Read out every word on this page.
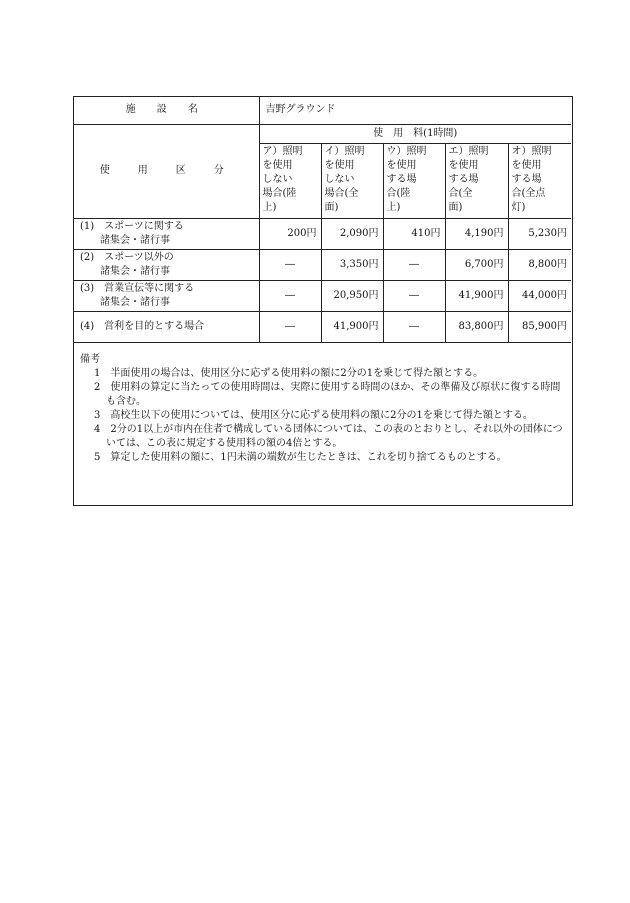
施 設 名	吉野グラウンド				
使　用　区　分	使　用　料(1時間)				
	ア）照明
を使用
しない
場合(陸
上)	イ）照明
を使用
しない
場合(全
面)	ウ）照明
を使用
する場
合(陸
上)	エ）照明
を使用
する場
合(全
面)	オ）照明
を使用
する場
合(全点
灯)

(1)　 スポーツに関する
諸集会・諸行事	200円	2,090円	410円	4,190円	5,230円

(2)　 スポーツ以外の
諸集会・諸行事	―	3,350円	―	6,700円	8,800円

(3)　 営業宣伝等に関する
諸集会・諸行事	―	20,950円	―	41,900円	44,000円

(4)　 営利を目的とする場合	―	41,900円	―	83,800円	85,900円
備考
1　半面使用の場合は、使用区分に応ずる使用料の額に2分の1を乗じて得た額とする。
2　使用料の算定に当たっての使用時間は、実際に使用する時間のほか、その準備及び原状に復する時間も含む。
3　高校生以下の使用については、使用区分に応ずる使用料の額に2分の1を乗じて得た額とする。
4　2分の1以上が市内在住者で構成している団体については、この表のとおりとし、それ以外の団体については、この表に規定する使用料の額の4倍とする。
5　算定した使用料の額に、1円未満の端数が生じたときは、これを切り捨てるものとする。
